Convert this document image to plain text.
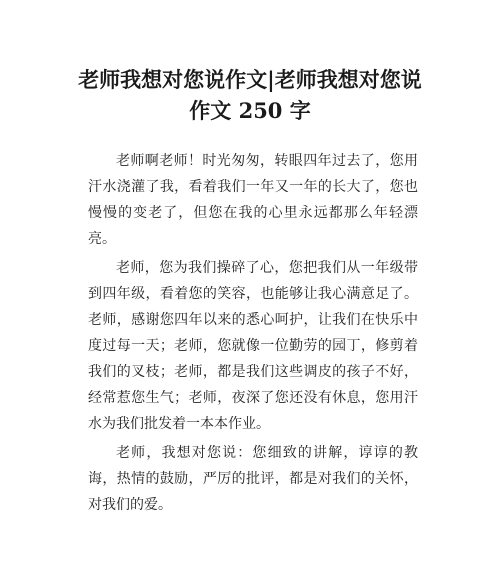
老师我想对您说作文|老师我想对您说作文 250 字

老师啊老师！时光匆匆，转眼四年过去了，您用汗水浇灌了我，看着我们一年又一年的长大了，您也慢慢的变老了，但您在我的心里永远都那么年轻漂亮。

老师，您为我们操碎了心，您把我们从一年级带到四年级，看着您的笑容，也能够让我心满意足了。老师，感谢您四年以来的悉心呵护，让我们在快乐中度过每一天；老师，您就像一位勤劳的园丁，修剪着我们的叉枝；老师，都是我们这些调皮的孩子不好，经常惹您生气；老师，夜深了您还没有休息，您用汗水为我们批发着一本本作业。

老师，我想对您说：您细致的讲解，谆谆的教诲，热情的鼓励，严厉的批评，都是对我们的关怀，对我们的爱。
